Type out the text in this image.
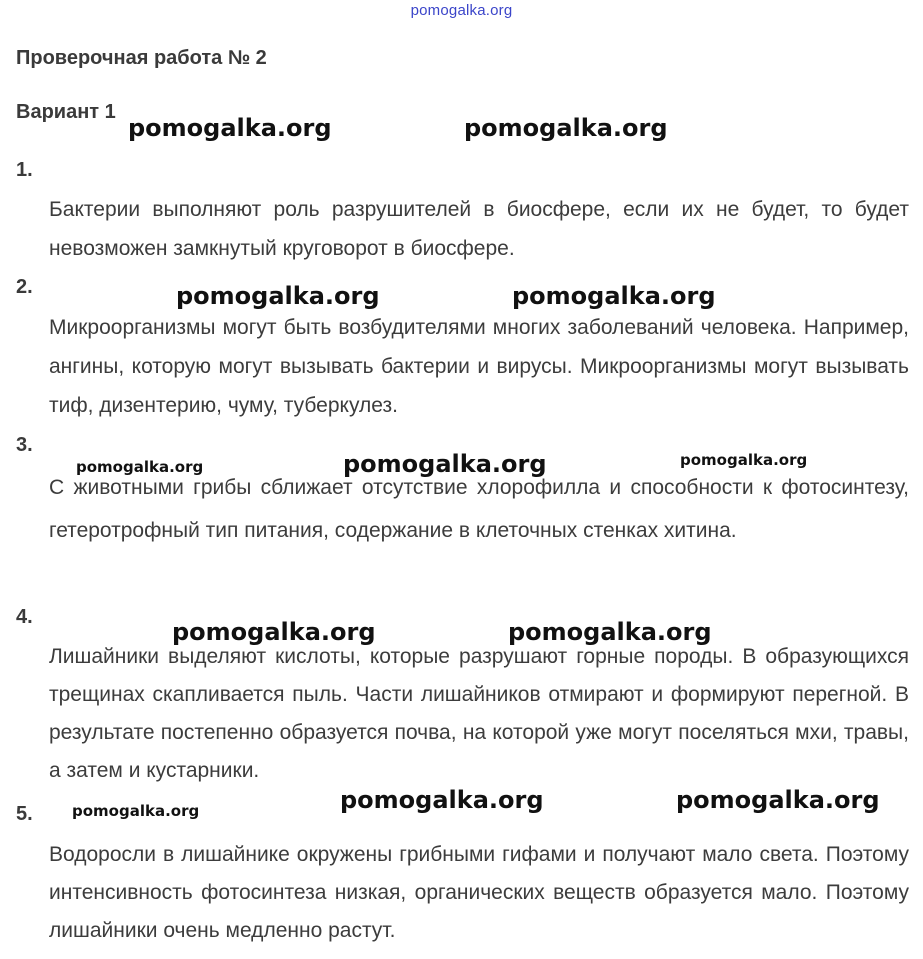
pomogalka.org
Проверочная работа № 2
Вариант 1
1.
Бактерии выполняют роль разрушителей в биосфере, если их не будет, то будет невозможен замкнутый круговорот в биосфере.
2.
Микроорганизмы могут быть возбудителями многих заболеваний человека. Например, ангины, которую могут вызывать бактерии и вирусы. Микроорганизмы могут вызывать тиф, дизентерию, чуму, туберкулез.
3.
С животными грибы сближает отсутствие хлорофилла и способности к фотосинтезу, гетеротрофный тип питания, содержание в клеточных стенках хитина.
4.
Лишайники выделяют кислоты, которые разрушают горные породы. В образующихся трещинах скапливается пыль. Части лишайников отмирают и формируют перегной. В результате постепенно образуется почва, на которой уже могут поселяться мхи, травы, а затем и кустарники.
5.
Водоросли в лишайнике окружены грибными гифами и получают мало света. Поэтому интенсивность фотосинтеза низкая, органических веществ образуется мало. Поэтому лишайники очень медленно растут.
pomogalka.org	pomogalka.org
pomogalka.org	pomogalka.org
pomogalka.org	pomogalka.org	pomogalka.org
pomogalka.org	pomogalka.org
pomogalka.org	pomogalka.org	pomogalka.org
